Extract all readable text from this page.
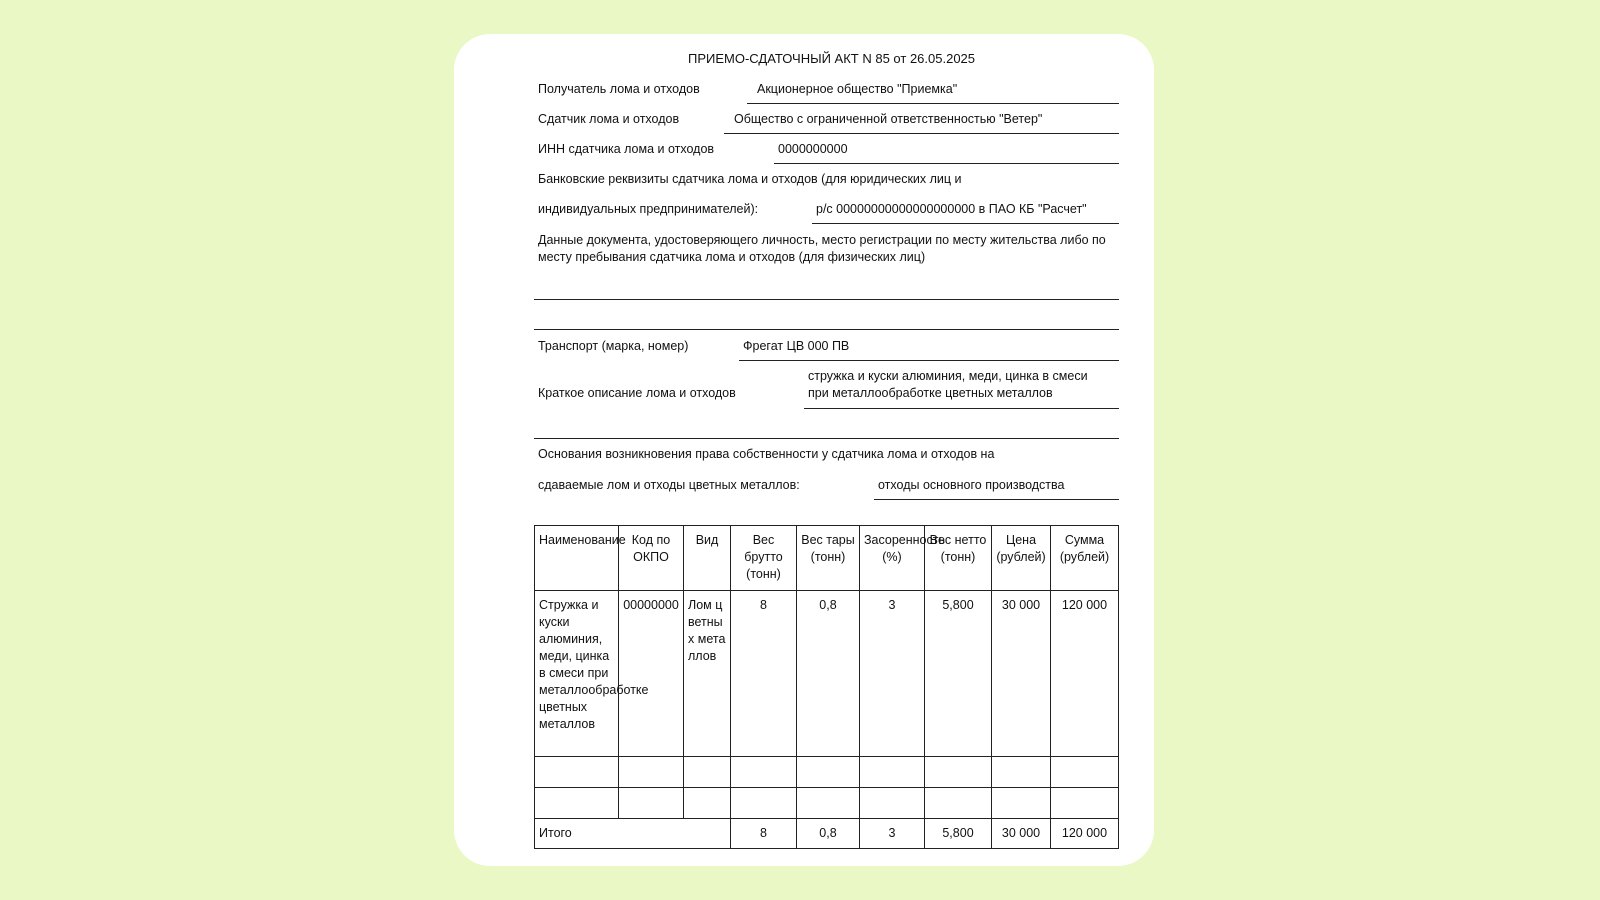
ПРИЕМО-СДАТОЧНЫЙ АКТ N 85 от 26.05.2025
Получатель лома и отходов	Акционерное общество "Приемка"
Сдатчик лома и отходов	Общество с ограниченной ответственностью "Ветер"
ИНН сдатчика лома и отходов	0000000000
Банковские реквизиты сдатчика лома и отходов (для юридических лиц и
индивидуальных предпринимателей):	р/с 00000000000000000000 в ПАО КБ "Расчет"
Данные документа, удостоверяющего личность, место регистрации по месту жительства либо по месту пребывания сдатчика лома и отходов (для физических лиц)
Транспорт (марка, номер)	Фрегат ЦВ 000 ПВ
Краткое описание лома и отходов
стружка и куски алюминия, меди, цинка в смеси при металлообработке цветных металлов
Основания возникновения права собственности у сдатчика лома и отходов на
сдаваемые лом и отходы цветных металлов:	отходы основного производства
Наименование	Код по ОКПО	Вид	Вес брутто (тонн)	Вес тары (тонн)	Засоренность (%)	Вес нетто (тонн)	Цена (рублей)	Сумма (рублей)
Стружка и куски алюминия, меди, цинка в смеси при металлообработке цветных металлов	00000000	Лом цветных металлов	8	0,8	3	5,800	30 000	120 000

Итого			8	0,8	3	5,800	30 000	120 000
